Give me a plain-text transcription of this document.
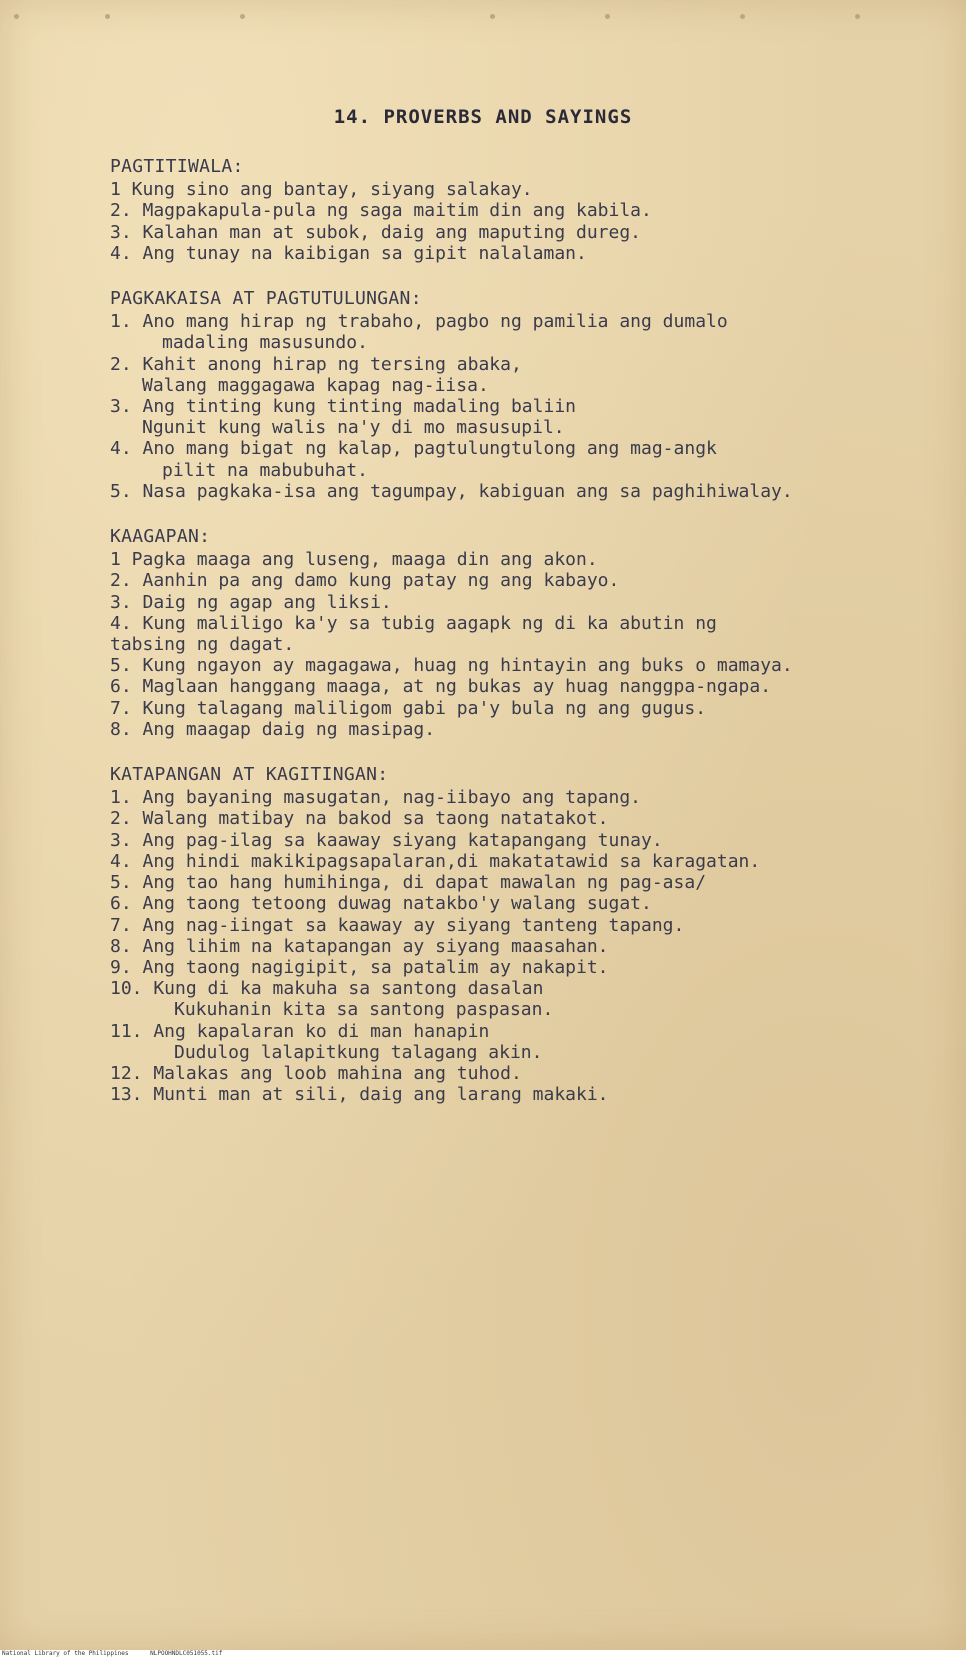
14. PROVERBS AND SAYINGS
PAGTITIWALA:
1 Kung sino ang bantay, siyang salakay.
2. Magpakapula-pula ng saga maitim din ang kabila.
3. Kalahan man at subok, daig ang maputing dureg.
4. Ang tunay na kaibigan sa gipit nalalaman.
PAGKAKAISA AT PAGTUTULUNGAN:
1. Ano mang hirap ng trabaho, pagbo ng pamilia ang dumalo
madaling masusundo.
2. Kahit anong hirap ng tersing abaka,
Walang maggagawa kapag nag-iisa.
3. Ang tinting kung tinting madaling baliin
Ngunit kung walis na'y di mo masusupil.
4. Ano mang bigat ng kalap, pagtulungtulong ang mag-angk
pilit na mabubuhat.
5. Nasa pagkaka-isa ang tagumpay, kabiguan ang sa paghihiwalay.
KAAGAPAN:
1 Pagka maaga ang luseng, maaga din ang akon.
2. Aanhin pa ang damo kung patay ng ang kabayo.
3. Daig ng agap ang liksi.
4. Kung maliligo ka'y sa tubig aagapk ng di ka abutin ng
tabsing ng dagat.
5. Kung ngayon ay magagawa, huag ng hintayin ang buks o mamaya.
6. Maglaan hanggang maaga, at ng bukas ay huag nanggpa-ngapa.
7. Kung talagang maliligom gabi pa'y bula ng ang gugus.
8. Ang maagap daig ng masipag.
KATAPANGAN AT KAGITINGAN:
1. Ang bayaning masugatan, nag-iibayo ang tapang.
2. Walang matibay na bakod sa taong natatakot.
3. Ang pag-ilag sa kaaway siyang katapangang tunay.
4. Ang hindi makikipagsapalaran,di makatatawid sa karagatan.
5. Ang tao hang humihinga, di dapat mawalan ng pag-asa/
6. Ang taong tetoong duwag natakbo'y walang sugat.
7. Ang nag-iingat sa kaaway ay siyang tanteng tapang.
8. Ang lihim na katapangan ay siyang maasahan.
9. Ang taong nagigipit, sa patalim ay nakapit.
10. Kung di ka makuha sa santong dasalan
Kukuhanin kita sa santong paspasan.
11. Ang kapalaran ko di man hanapin
Dudulog lalapitkung talagang akin.
12. Malakas ang loob mahina ang tuhod.
13. Munti man at sili, daig ang larang makaki.
National Library of the Philippines	NLPOOHNDLC051055.tif
